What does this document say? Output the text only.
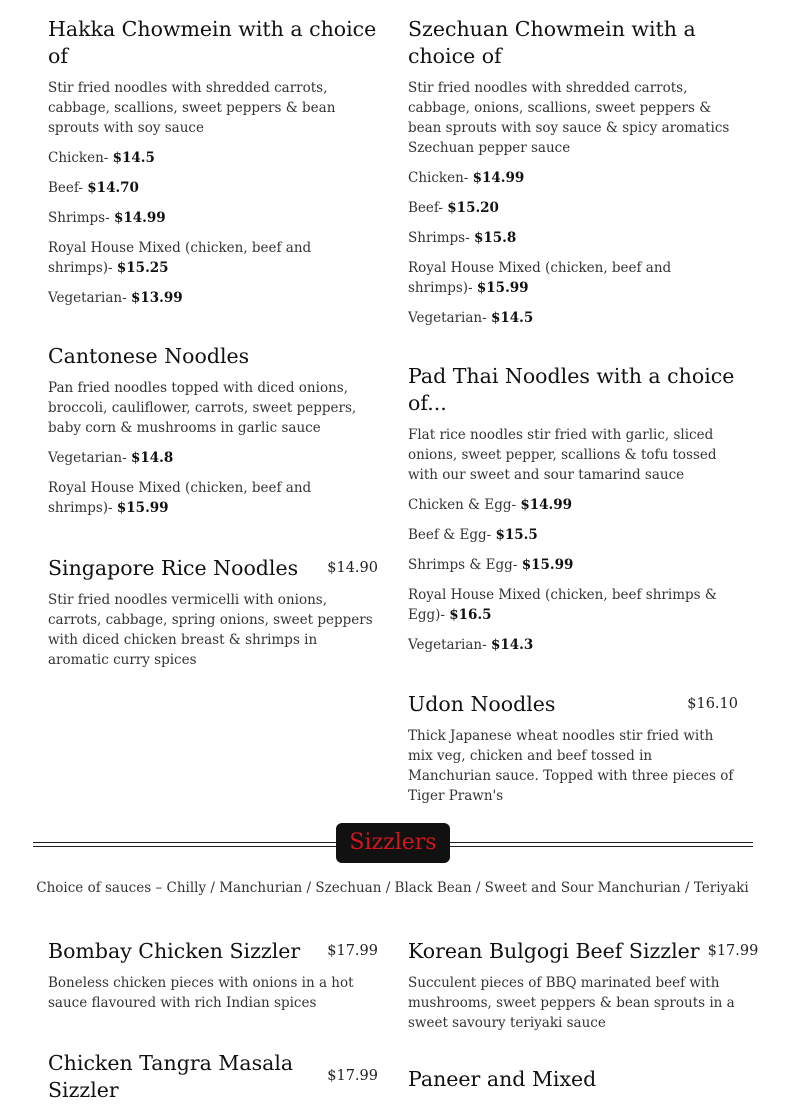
Hakka Chowmein with a choice of

Stir fried noodles with shredded carrots, cabbage, scallions, sweet peppers & bean sprouts with soy sauce

Chicken- $14.5
Beef- $14.70
Shrimps- $14.99
Royal House Mixed (chicken, beef and shrimps)- $15.25
Vegetarian- $13.99
Szechuan Chowmein with a choice of

Stir fried noodles with shredded carrots, cabbage, onions, scallions, sweet peppers & bean sprouts with soy sauce & spicy aromatics Szechuan pepper sauce

Chicken- $14.99
Beef- $15.20
Shrimps- $15.8
Royal House Mixed (chicken, beef and shrimps)- $15.99
Vegetarian- $14.5
Cantonese Noodles

Pan fried noodles topped with diced onions, broccoli, cauliflower, carrots, sweet peppers, baby corn & mushrooms in garlic sauce

Vegetarian- $14.8
Royal House Mixed (chicken, beef and shrimps)- $15.99
Pad Thai Noodles with a choice of...

Flat rice noodles stir fried with garlic, sliced onions, sweet pepper, scallions & tofu tossed with our sweet and sour tamarind sauce

Chicken & Egg- $14.99
Beef & Egg- $15.5
Shrimps & Egg- $15.99
Royal House Mixed (chicken, beef shrimps & Egg)- $16.5
Vegetarian- $14.3
Singapore Rice Noodles	$14.90

Stir fried noodles vermicelli with onions, carrots, cabbage, spring onions, sweet peppers with diced chicken breast & shrimps in aromatic curry spices

Udon Noodles	$16.10

Thick Japanese wheat noodles stir fried with mix veg, chicken and beef tossed in Manchurian sauce. Topped with three pieces of Tiger Prawn's

Sizzlers
Choice of sauces – Chilly / Manchurian / Szechuan / Black Bean / Sweet and Sour Manchurian / Teriyaki
Bombay Chicken Sizzler	$17.99

Boneless chicken pieces with onions in a hot sauce flavoured with rich Indian spices

Korean Bulgogi Beef Sizzler $17.99

Succulent pieces of BBQ marinated beef with mushrooms, sweet peppers & bean sprouts in a sweet savoury teriyaki sauce

Chicken Tangra Masala Sizzler
$17.99 Paneer and Mixed
